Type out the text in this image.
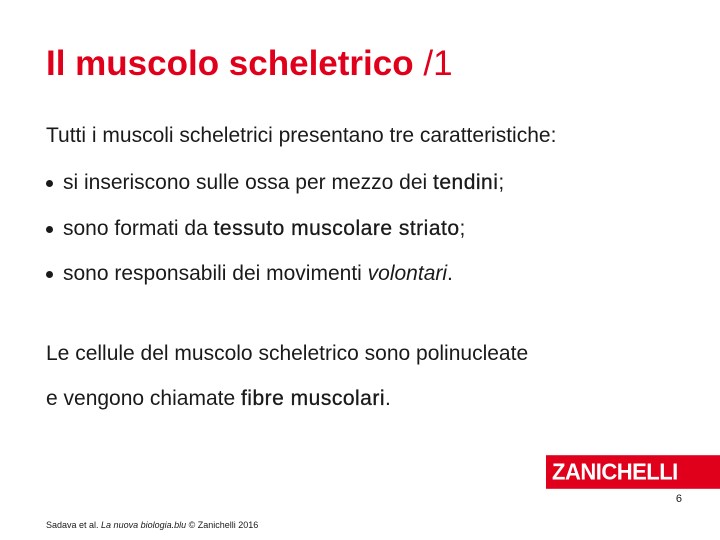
Il muscolo scheletrico /1
Tutti i muscoli scheletrici presentano tre caratteristiche:
si inseriscono sulle ossa per mezzo dei tendini;
sono formati da tessuto muscolare striato;
sono responsabili dei movimenti volontari.
Le cellule del muscolo scheletrico sono polinucleate
e vengono chiamate fibre muscolari.
ZANICHELLI
6
Sadava et al. La nuova biologia.blu © Zanichelli 2016
